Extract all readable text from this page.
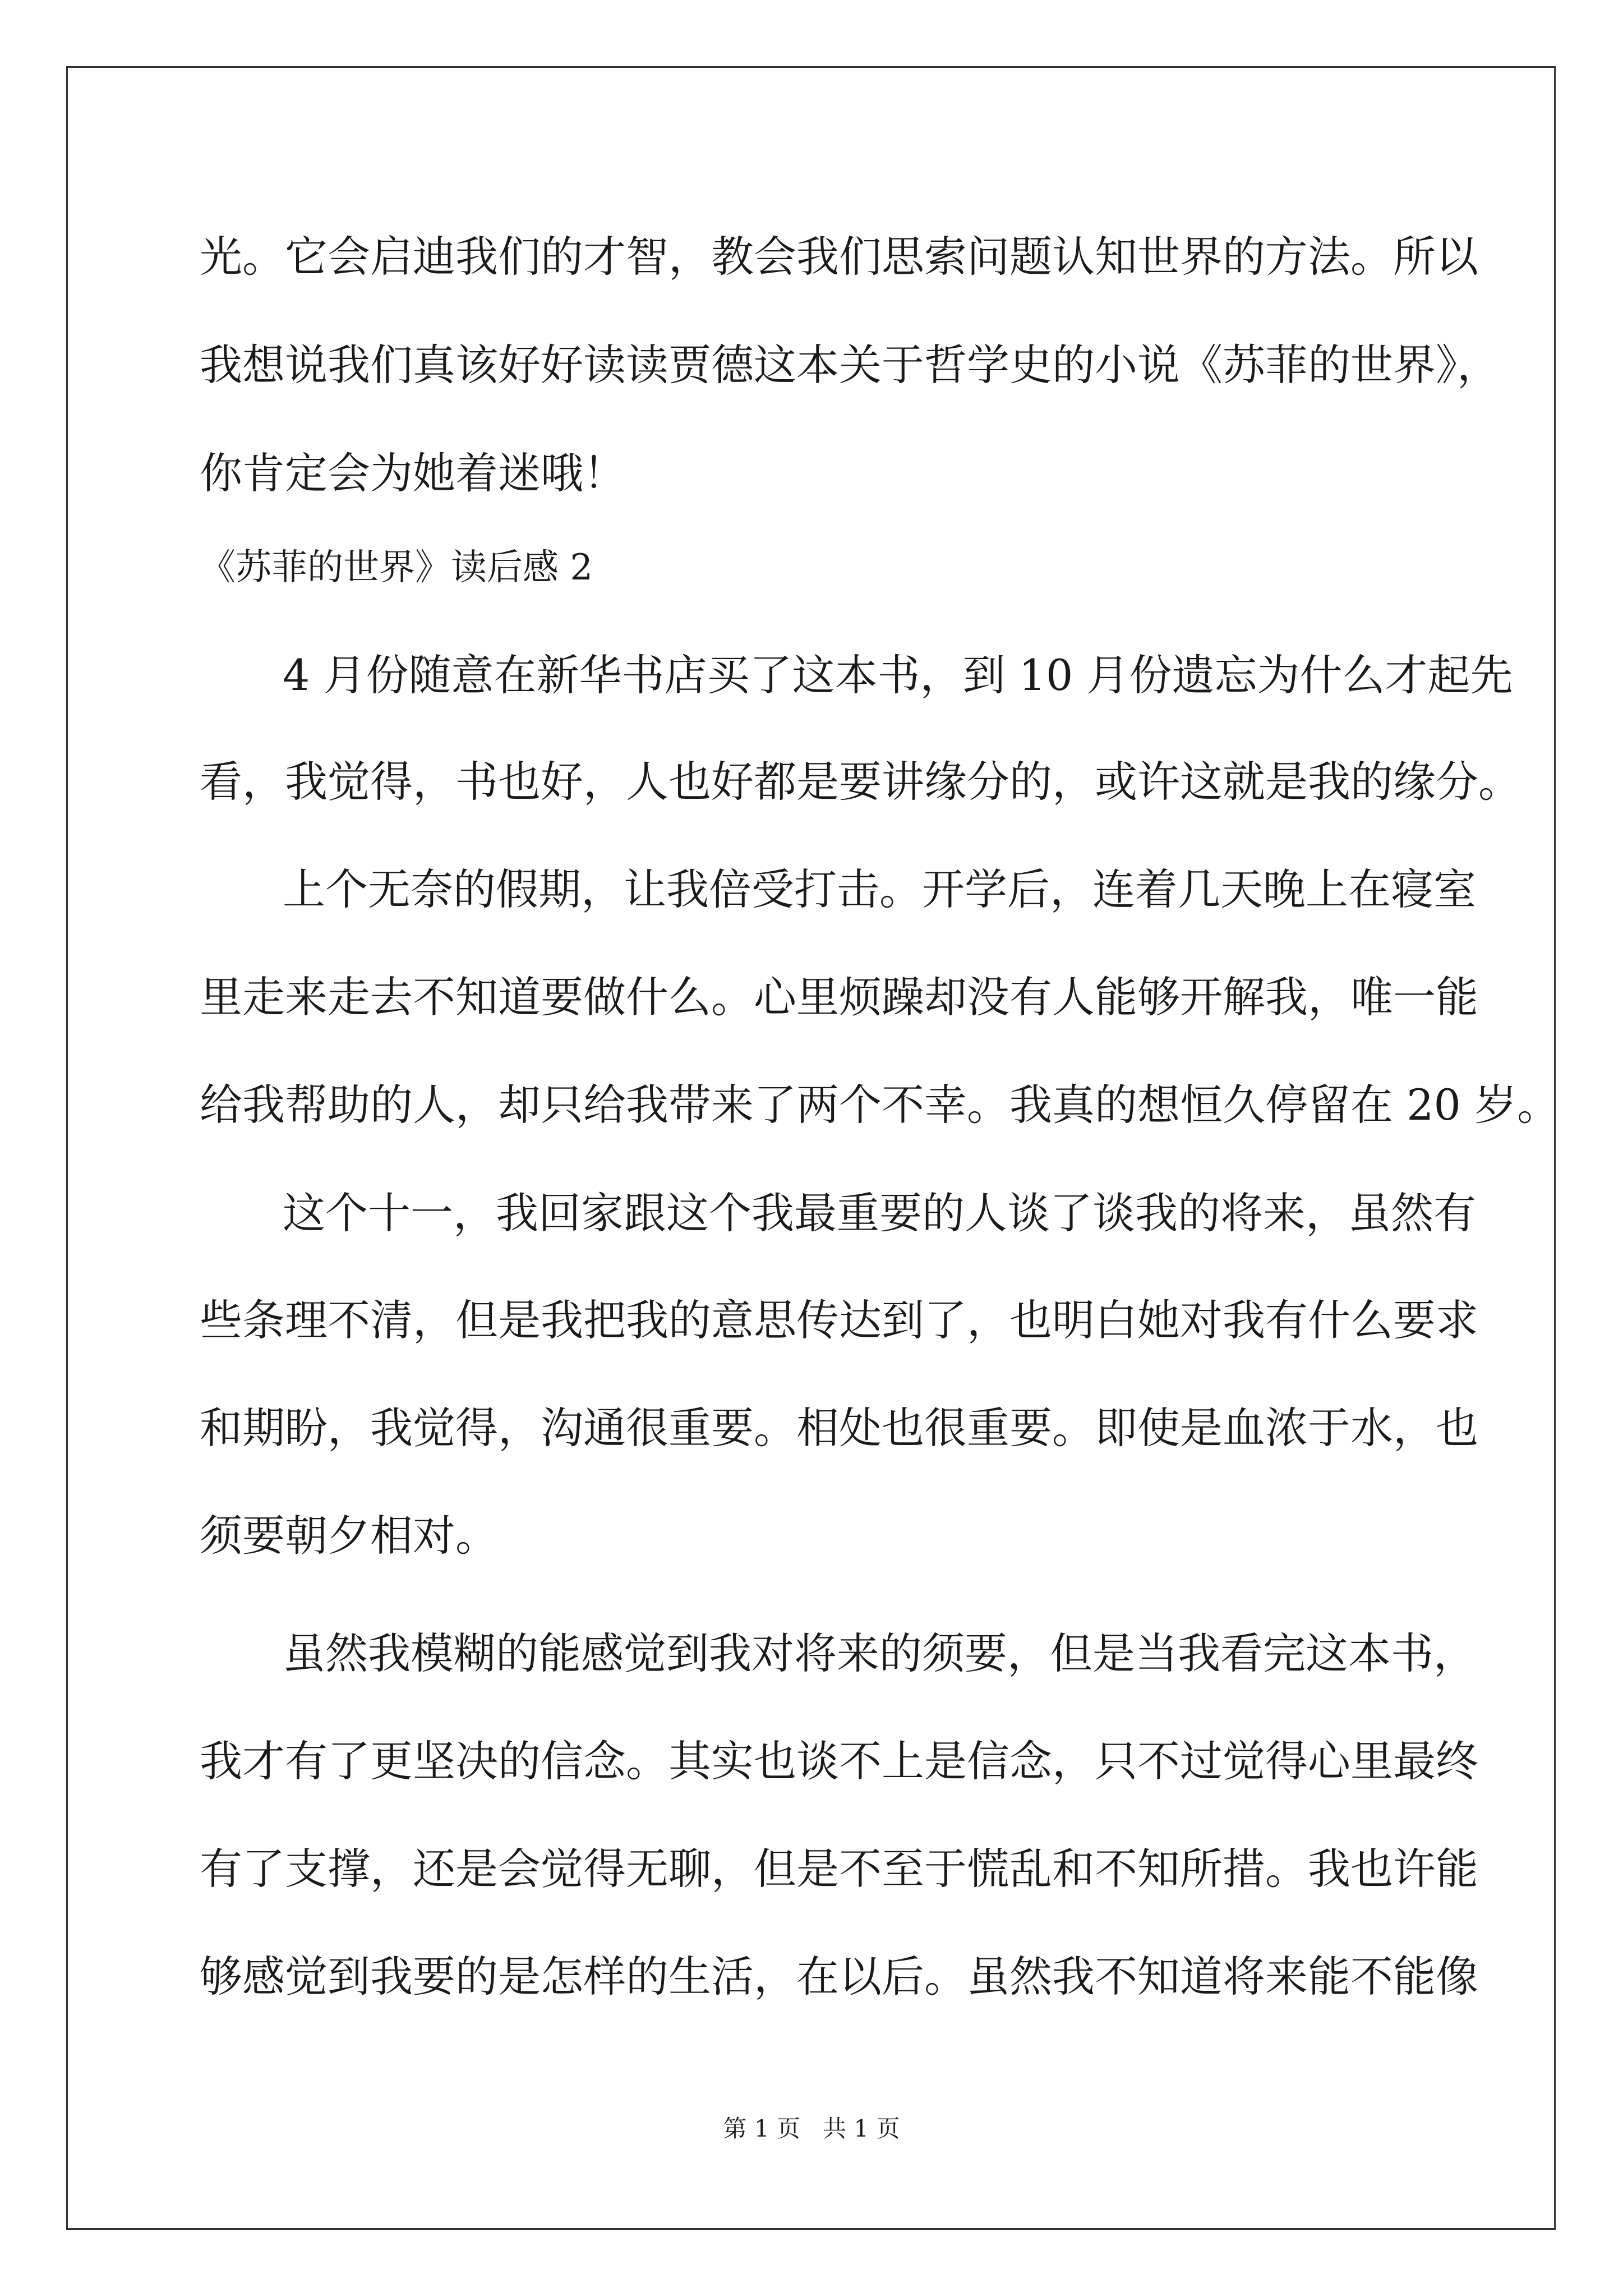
光。它会启迪我们的才智，教会我们思索问题认知世界的方法。所以
我想说我们真该好好读读贾德这本关于哲学史的小说《苏菲的世界》，
你肯定会为她着迷哦！
《苏菲的世界》读后感 2
4 月份随意在新华书店买了这本书，到 10 月份遗忘为什么才起先
看，我觉得，书也好，人也好都是要讲缘分的，或许这就是我的缘分。
上个无奈的假期，让我倍受打击。开学后，连着几天晚上在寝室
里走来走去不知道要做什么。心里烦躁却没有人能够开解我，唯一能
给我帮助的人，却只给我带来了两个不幸。我真的想恒久停留在 20 岁。
这个十一，我回家跟这个我最重要的人谈了谈我的将来，虽然有
些条理不清，但是我把我的意思传达到了，也明白她对我有什么要求
和期盼，我觉得，沟通很重要。相处也很重要。即使是血浓于水，也
须要朝夕相对。
虽然我模糊的能感觉到我对将来的须要，但是当我看完这本书，
我才有了更坚决的信念。其实也谈不上是信念，只不过觉得心里最终
有了支撑，还是会觉得无聊，但是不至于慌乱和不知所措。我也许能
够感觉到我要的是怎样的生活，在以后。虽然我不知道将来能不能像
第 1 页   共 1 页
